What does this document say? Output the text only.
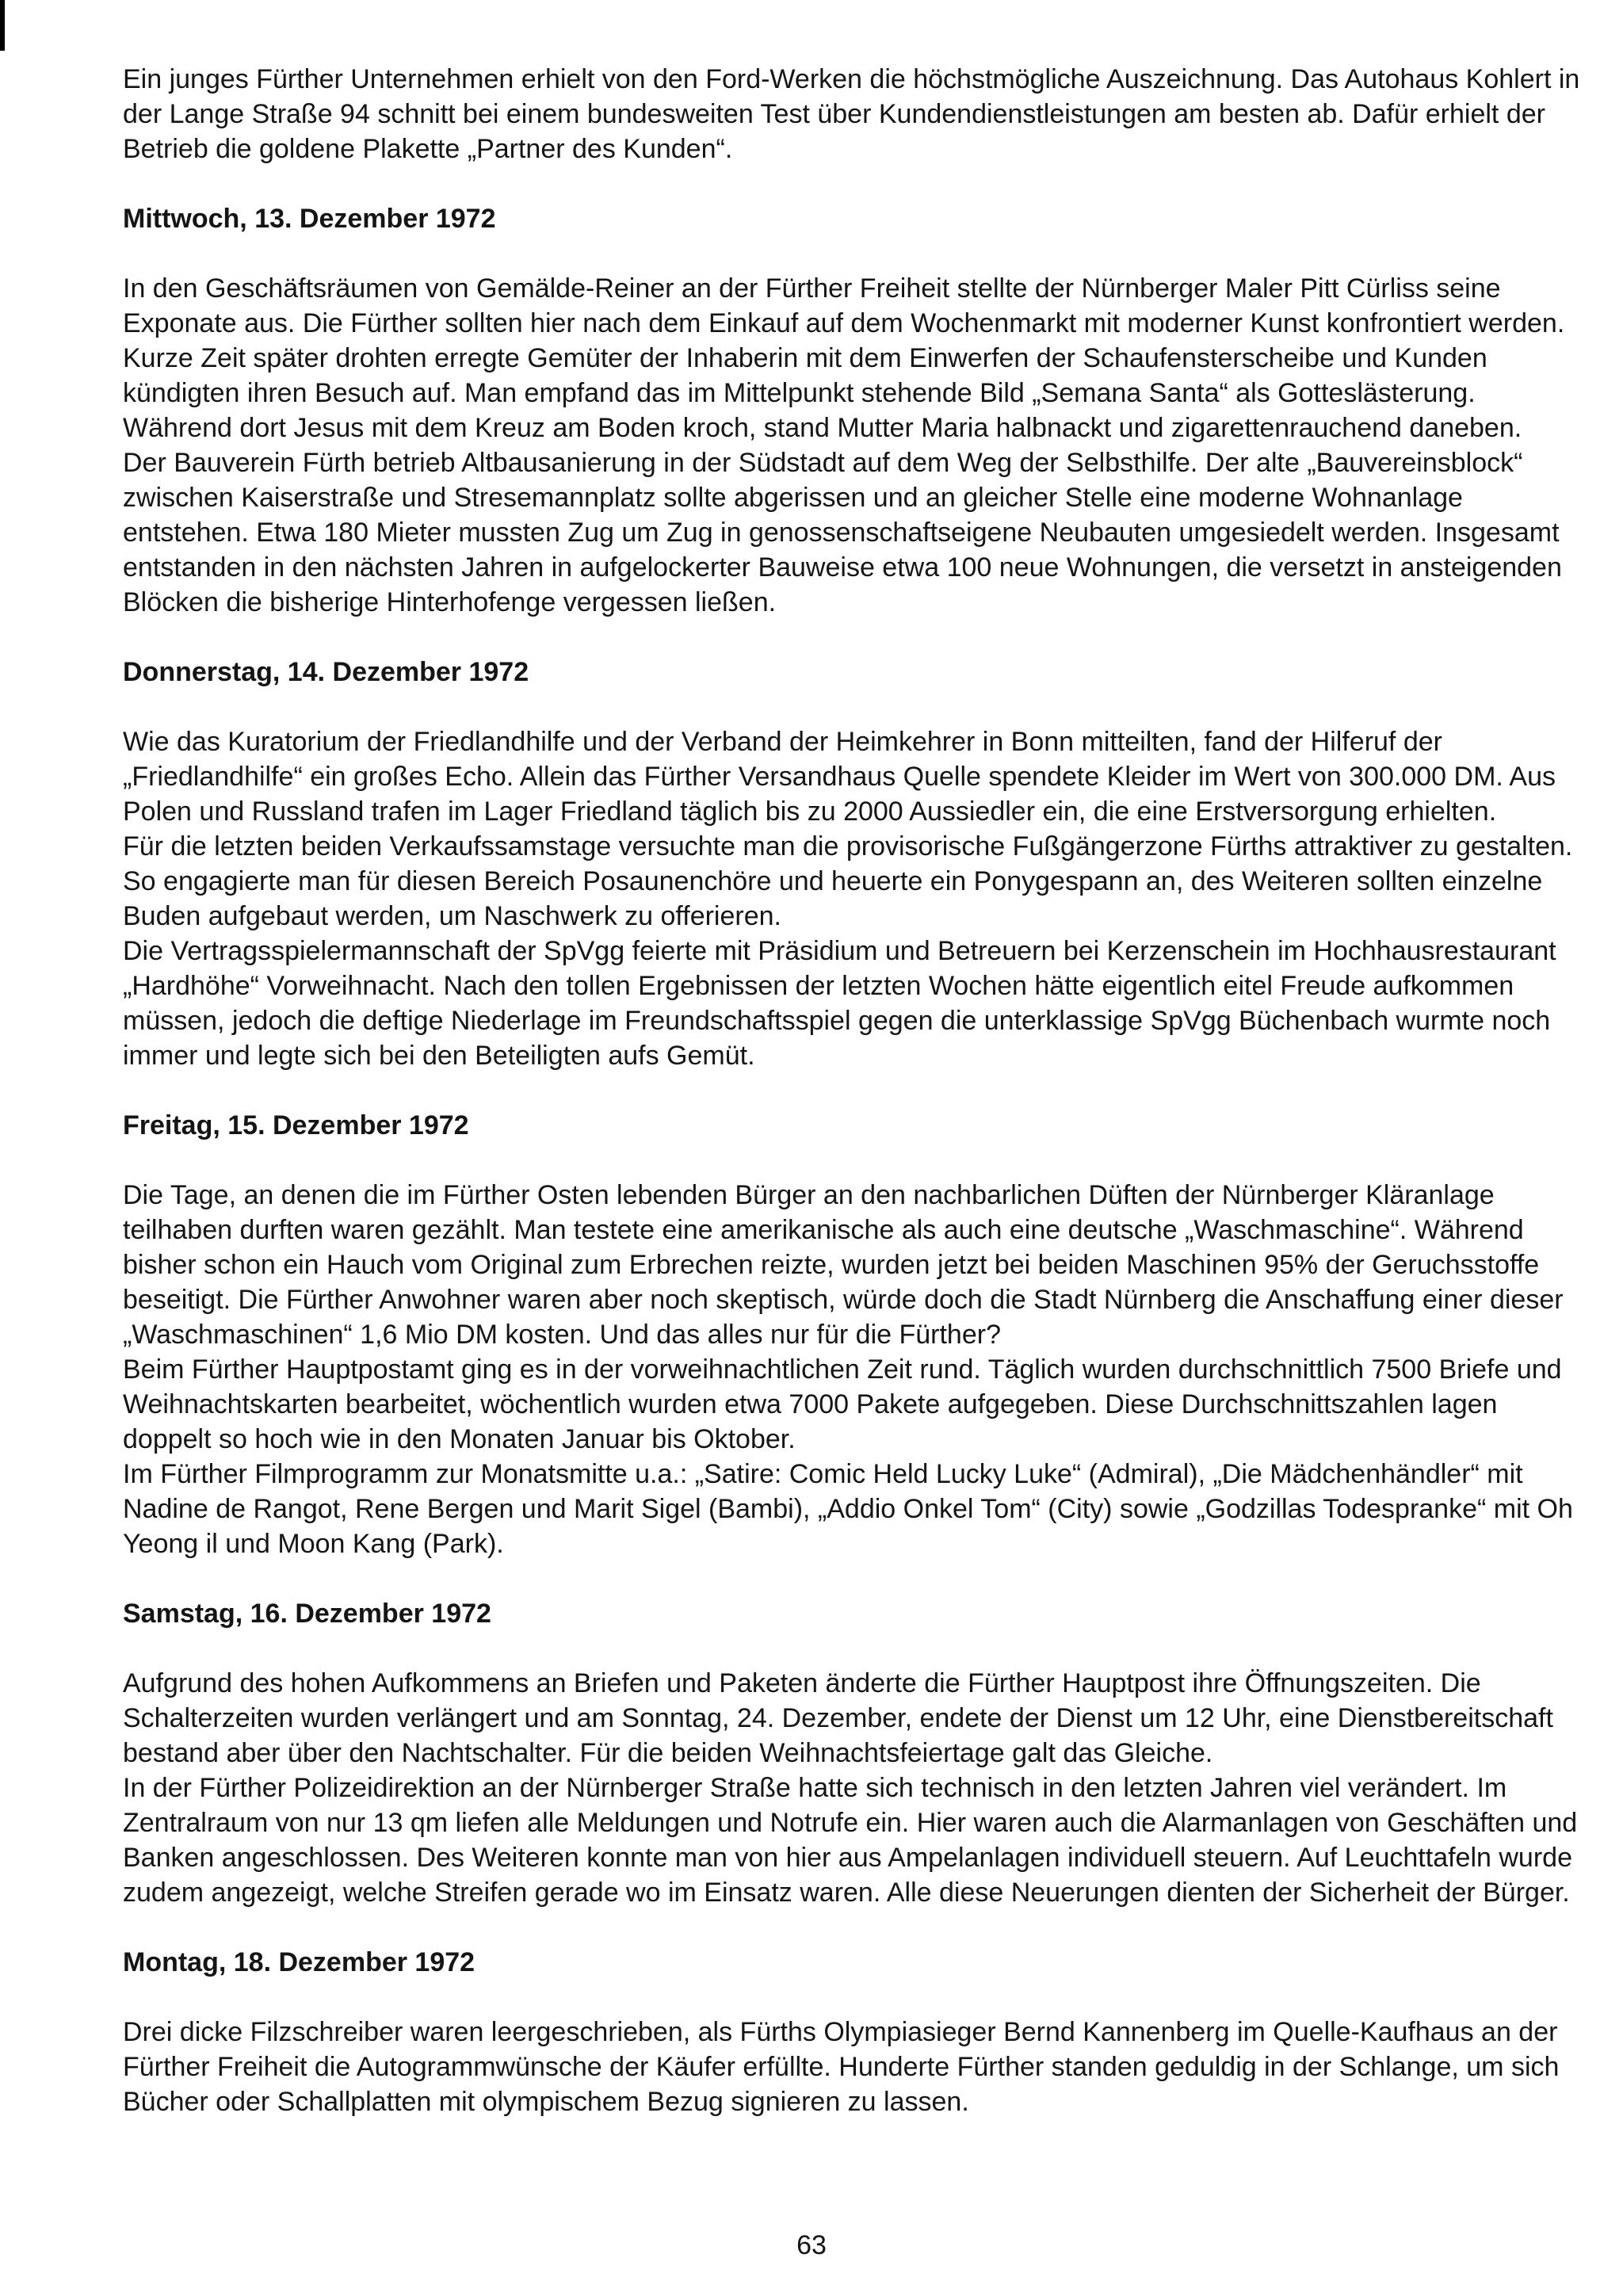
Ein junges Fürther Unternehmen erhielt von den Ford-Werken die höchstmögliche Auszeichnung. Das Autohaus Kohlert in der Lange Straße 94 schnitt bei einem bundesweiten Test über Kundendienstleistungen am besten ab. Dafür erhielt der Betrieb die goldene Plakette „Partner des Kunden“.

Mittwoch, 13. Dezember 1972

In den Geschäftsräumen von Gemälde-Reiner an der Fürther Freiheit stellte der Nürnberger Maler Pitt Cürliss seine Exponate aus. Die Fürther sollten hier nach dem Einkauf auf dem Wochenmarkt mit moderner Kunst konfrontiert werden. Kurze Zeit später drohten erregte Gemüter der Inhaberin mit dem Einwerfen der Schaufensterscheibe und Kunden kündigten ihren Besuch auf. Man empfand das im Mittelpunkt stehende Bild „Semana Santa“ als Gotteslästerung. Während dort Jesus mit dem Kreuz am Boden kroch, stand Mutter Maria halbnackt und zigarettenrauchend daneben.

Der Bauverein Fürth betrieb Altbausanierung in der Südstadt auf dem Weg der Selbsthilfe. Der alte „Bauvereinsblock“ zwischen Kaiserstraße und Stresemannplatz sollte abgerissen und an gleicher Stelle eine moderne Wohnanlage entstehen. Etwa 180 Mieter mussten Zug um Zug in genossenschaftseigene Neubauten umgesiedelt werden. Insgesamt entstanden in den nächsten Jahren in aufgelockerter Bauweise etwa 100 neue Wohnungen, die versetzt in ansteigenden Blöcken die bisherige Hinterhofenge vergessen ließen.

Donnerstag, 14. Dezember 1972

Wie das Kuratorium der Friedlandhilfe und der Verband der Heimkehrer in Bonn mitteilten, fand der Hilferuf der „Friedlandhilfe“ ein großes Echo. Allein das Fürther Versandhaus Quelle spendete Kleider im Wert von 300.000 DM. Aus Polen und Russland trafen im Lager Friedland täglich bis zu 2000 Aussiedler ein, die eine Erstversorgung erhielten.

Für die letzten beiden Verkaufssamstage versuchte man die provisorische Fußgängerzone Fürths attraktiver zu gestalten. So engagierte man für diesen Bereich Posaunenchöre und heuerte ein Ponygespann an, des Weiteren sollten einzelne Buden aufgebaut werden, um Naschwerk zu offerieren.

Die Vertragsspielermannschaft der SpVgg feierte mit Präsidium und Betreuern bei Kerzenschein im Hochhausrestaurant „Hardhöhe“ Vorweihnacht. Nach den tollen Ergebnissen der letzten Wochen hätte eigentlich eitel Freude aufkommen müssen, jedoch die deftige Niederlage im Freundschaftsspiel gegen die unterklassige SpVgg Büchenbach wurmte noch immer und legte sich bei den Beteiligten aufs Gemüt.

Freitag, 15. Dezember 1972

Die Tage, an denen die im Fürther Osten lebenden Bürger an den nachbarlichen Düften der Nürnberger Kläranlage teilhaben durften waren gezählt. Man testete eine amerikanische als auch eine deutsche „Waschmaschine“. Während bisher schon ein Hauch vom Original zum Erbrechen reizte, wurden jetzt bei beiden Maschinen 95% der Geruchsstoffe beseitigt. Die Fürther Anwohner waren aber noch skeptisch, würde doch die Stadt Nürnberg die Anschaffung einer dieser „Waschmaschinen“ 1,6 Mio DM kosten. Und das alles nur für die Fürther?

Beim Fürther Hauptpostamt ging es in der vorweihnachtlichen Zeit rund. Täglich wurden durchschnittlich 7500 Briefe und Weihnachtskarten bearbeitet, wöchentlich wurden etwa 7000 Pakete aufgegeben. Diese Durchschnittszahlen lagen doppelt so hoch wie in den Monaten Januar bis Oktober.

Im Fürther Filmprogramm zur Monatsmitte u.a.: „Satire: Comic Held Lucky Luke“ (Admiral), „Die Mädchenhändler“ mit Nadine de Rangot, Rene Bergen und Marit Sigel (Bambi), „Addio Onkel Tom“ (City) sowie „Godzillas Todespranke“ mit Oh Yeong il und Moon Kang (Park).

Samstag, 16. Dezember 1972

Aufgrund des hohen Aufkommens an Briefen und Paketen änderte die Fürther Hauptpost ihre Öffnungszeiten. Die Schalterzeiten wurden verlängert und am Sonntag, 24. Dezember, endete der Dienst um 12 Uhr, eine Dienstbereitschaft bestand aber über den Nachtschalter. Für die beiden Weihnachtsfeiertage galt das Gleiche.

In der Fürther Polizeidirektion an der Nürnberger Straße hatte sich technisch in den letzten Jahren viel verändert. Im Zentralraum von nur 13 qm liefen alle Meldungen und Notrufe ein. Hier waren auch die Alarmanlagen von Geschäften und Banken angeschlossen. Des Weiteren konnte man von hier aus Ampelanlagen individuell steuern. Auf Leuchttafeln wurde zudem angezeigt, welche Streifen gerade wo im Einsatz waren. Alle diese Neuerungen dienten der Sicherheit der Bürger.

Montag, 18. Dezember 1972

Drei dicke Filzschreiber waren leergeschrieben, als Fürths Olympiasieger Bernd Kannenberg im Quelle-Kaufhaus an der Fürther Freiheit die Autogrammwünsche der Käufer erfüllte. Hunderte Fürther standen geduldig in der Schlange, um sich Bücher oder Schallplatten mit olympischem Bezug signieren zu lassen.

63
